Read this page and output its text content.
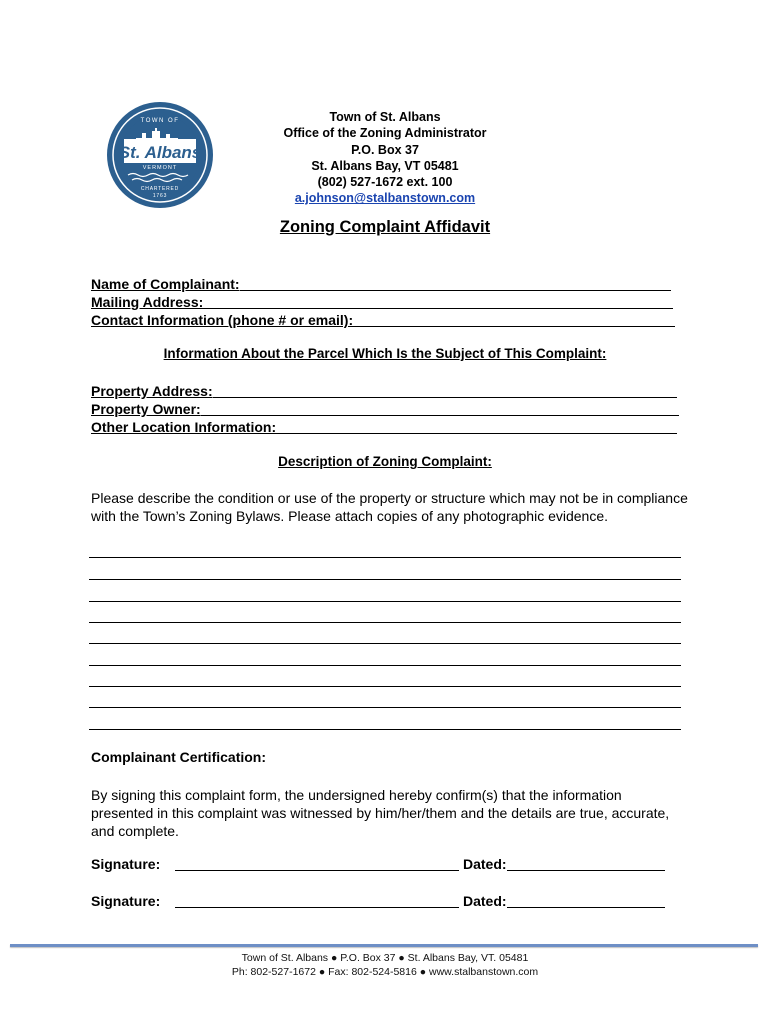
TOWN OF
St. Albans
VERMONT
CHARTERED
1763
Town of St. Albans
Office of the Zoning Administrator
P.O. Box 37
St. Albans Bay, VT 05481
(802) 527-1672 ext. 100
a.johnson@stalbanstown.com
Zoning Complaint Affidavit
Name of Complainant:
Mailing Address:
Contact Information (phone # or email):
Information About the Parcel Which Is the Subject of This Complaint:
Property Address:
Property Owner:
Other Location Information:
Description of Zoning Complaint:
Please describe the condition or use of the property or structure which may not be in compliance with the Town’s Zoning Bylaws. Please attach copies of any photographic evidence.
Complainant Certification:
By signing this complaint form, the undersigned hereby confirm(s) that the information presented in this complaint was witnessed by him/her/them and the details are true, accurate, and complete.
Signature:	Dated:
Signature:	Dated:
Town of St. Albans ● P.O. Box 37 ● St. Albans Bay, VT. 05481
Ph: 802-527-1672 ● Fax: 802-524-5816 ● www.stalbanstown.com
